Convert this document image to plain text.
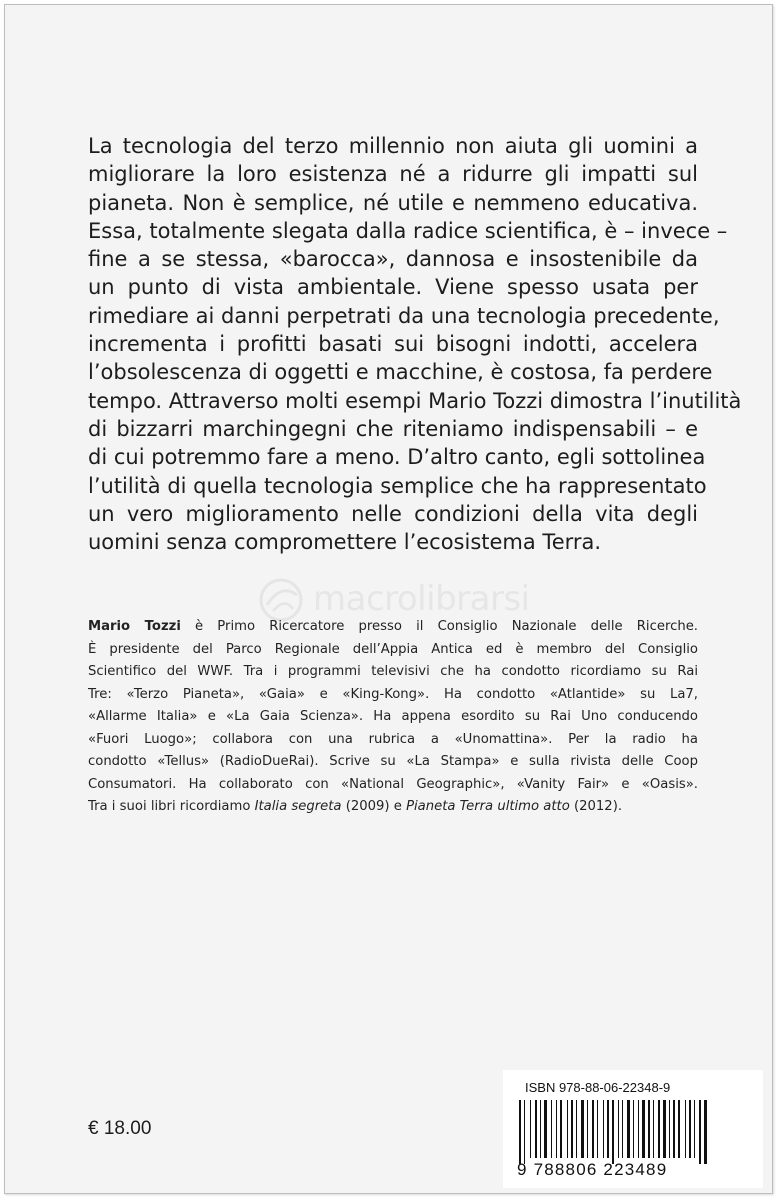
La tecnologia del terzo millennio non aiuta gli uomini a
migliorare la loro esistenza né a ridurre gli impatti sul
pianeta. Non è semplice, né utile e nemmeno educativa.
Essa, totalmente slegata dalla radice scientifica, è – invece –
fine a se stessa, «barocca», dannosa e insostenibile da
un punto di vista ambientale. Viene spesso usata per
rimediare ai danni perpetrati da una tecnologia precedente,
incrementa i profitti basati sui bisogni indotti, accelera
l’obsolescenza di oggetti e macchine, è costosa, fa perdere
tempo. Attraverso molti esempi Mario Tozzi dimostra l’inutilità
di bizzarri marchingegni che riteniamo indispensabili – e
di cui potremmo fare a meno. D’altro canto, egli sottolinea
l’utilità di quella tecnologia semplice che ha rappresentato
un vero miglioramento nelle condizioni della vita degli
uomini senza compromettere l’ecosistema Terra.
macrolibrarsi
Mario Tozzi è Primo Ricercatore presso il Consiglio Nazionale delle Ricerche.
È presidente del Parco Regionale dell’Appia Antica ed è membro del Consiglio
Scientifico del WWF. Tra i programmi televisivi che ha condotto ricordiamo su Rai
Tre: «Terzo Pianeta», «Gaia» e «King-Kong». Ha condotto «Atlantide» su La7,
«Allarme Italia» e «La Gaia Scienza». Ha appena esordito su Rai Uno conducendo
«Fuori Luogo»; collabora con una rubrica a «Unomattina». Per la radio ha
condotto «Tellus» (RadioDueRai). Scrive su «La Stampa» e sulla rivista delle Coop
Consumatori. Ha collaborato con «National Geographic», «Vanity Fair» e «Oasis».
Tra i suoi libri ricordiamo Italia segreta (2009) e Pianeta Terra ultimo atto (2012).
€ 18.00
ISBN 978-88-06-22348-9
9 788806 223489
